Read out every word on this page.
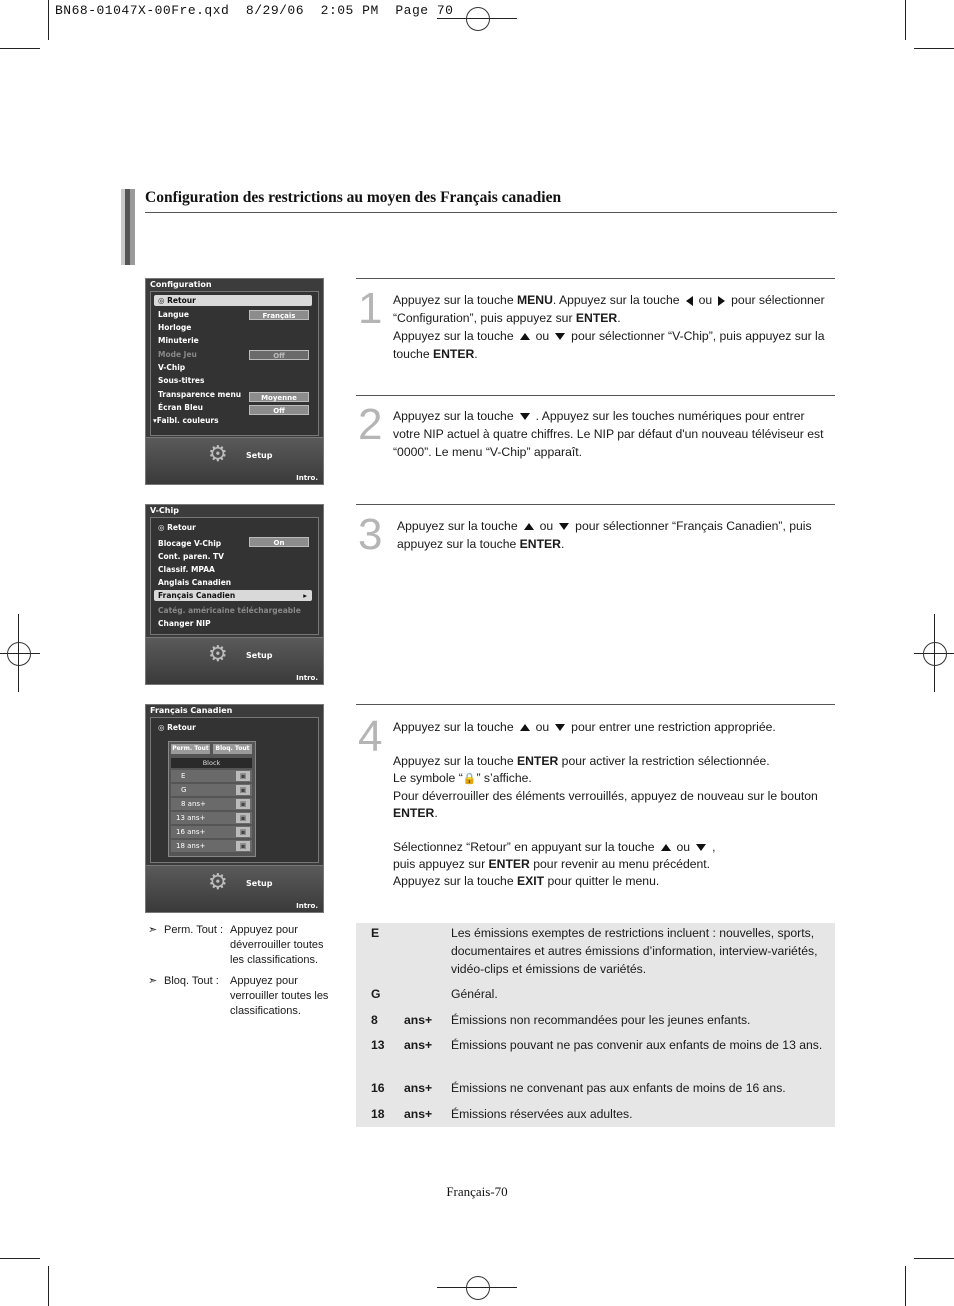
BN68-01047X-00Fre.qxd  8/29/06  2:05 PM  Page 70
Configuration des restrictions au moyen des Français canadien
Configuration
◎ Retour
Langue	Français
Horloge
Minuterie
Mode Jeu	Off
V-Chip
Sous-titres
Transparence menu	Moyenne
Écran Bleu	Off
▾Faibl. couleurs
⚙ Setup
Intro.
V-Chip
◎ Retour
Blocage V-Chip	On
Cont. paren. TV
Classif. MPAA
Anglais Canadien
Français Canadien	▸
Catég. américaine téléchargeable
Changer NIP
⚙ Setup
Intro.
Français Canadien
◎ Retour
Perm. Tout	Bloq. Tout
Block
E	▣
G	▣
8 ans+	▣
13 ans+	▣
16 ans+	▣
18 ans+	▣
⚙ Setup
Intro.
1 Appuyez sur la touche MENU. Appuyez sur la touche ou pour sélectionner “Configuration”, puis appuyez sur ENTER.
Appuyez sur la touche ou pour sélectionner “V-Chip”, puis appuyez sur la touche ENTER.
2 Appuyez sur la touche . Appuyez sur les touches numériques pour entrer votre NIP actuel à quatre chiffres. Le NIP par défaut d'un nouveau téléviseur est “0000”. Le menu “V-Chip” apparaît.
3 Appuyez sur la touche ou pour sélectionner “Français Canadien”, puis appuyez sur la touche ENTER.
4 Appuyez sur la touche ou pour entrer une restriction appropriée.
Appuyez sur la touche ENTER pour activer la restriction sélectionnée.
Le symbole “🔒” s’affiche.
Pour déverrouiller des éléments verrouillés, appuyez de nouveau sur le bouton ENTER.
Sélectionnez “Retour” en appuyant sur la touche ou ,
puis appuyez sur ENTER pour revenir au menu précédent.
Appuyez sur la touche EXIT pour quitter le menu.
➣ Perm. Tout : Appuyez pour déverrouiller toutes les classifications.
➣ Bloq. Tout : Appuyez pour verrouiller toutes les classifications.
E	Les émissions exemptes de restrictions incluent : nouvelles, sports, documentaires et autres émissions d’information, interview-variétés, vidéo-clips et émissions de variétés.
G	Général.
8 ans+ Émissions non recommandées pour les jeunes enfants.
13 ans+ Émissions pouvant ne pas convenir aux enfants de moins de 13 ans.
16 ans+ Émissions ne convenant pas aux enfants de moins de 16 ans.
18 ans+ Émissions réservées aux adultes.
Français-70
